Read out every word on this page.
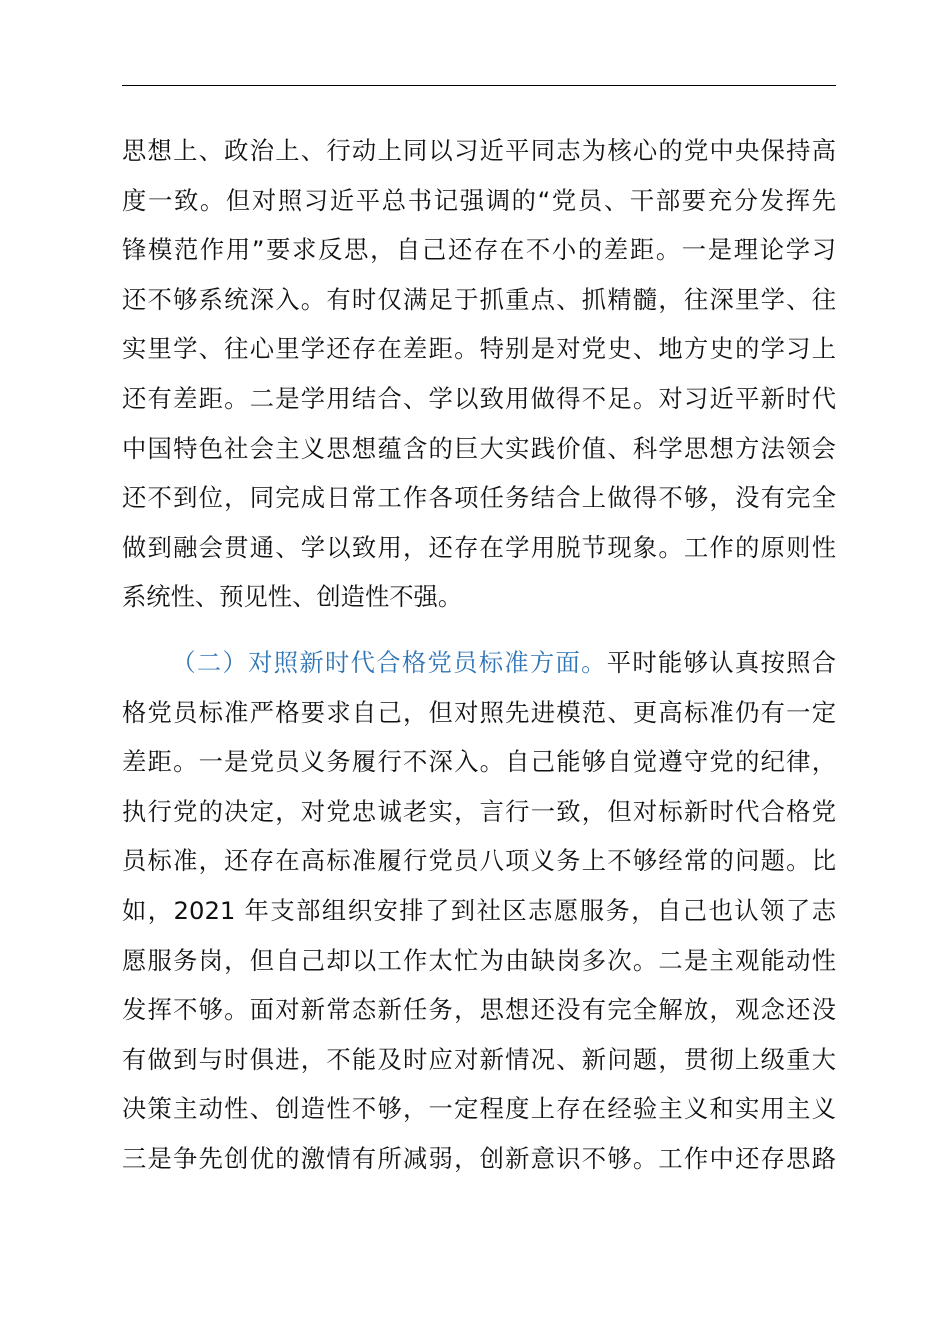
思想上、政治上、行动上同以习近平同志为核心的党中央保持高
度一致。但对照习近平总书记强调的“党员、干部要充分发挥先
锋模范作用”要求反思，自己还存在不小的差距。一是理论学习
还不够系统深入。有时仅满足于抓重点、抓精髓，往深里学、往
实里学、往心里学还存在差距。特别是对党史、地方史的学习上
还有差距。二是学用结合、学以致用做得不足。对习近平新时代
中国特色社会主义思想蕴含的巨大实践价值、科学思想方法领会
还不到位，同完成日常工作各项任务结合上做得不够，没有完全
做到融会贯通、学以致用，还存在学用脱节现象。工作的原则性
系统性、预见性、创造性不强。
（二）对照新时代合格党员标准方面。平时能够认真按照合
格党员标准严格要求自己，但对照先进模范、更高标准仍有一定
差距。一是党员义务履行不深入。自己能够自觉遵守党的纪律，
执行党的决定，对党忠诚老实，言行一致，但对标新时代合格党
员标准，还存在高标准履行党员八项义务上不够经常的问题。比
如，2021 年支部组织安排了到社区志愿服务，自己也认领了志
愿服务岗，但自己却以工作太忙为由缺岗多次。二是主观能动性
发挥不够。面对新常态新任务，思想还没有完全解放，观念还没
有做到与时俱进，不能及时应对新情况、新问题，贯彻上级重大
决策主动性、创造性不够，一定程度上存在经验主义和实用主义
三是争先创优的激情有所减弱，创新意识不够。工作中还存思路
